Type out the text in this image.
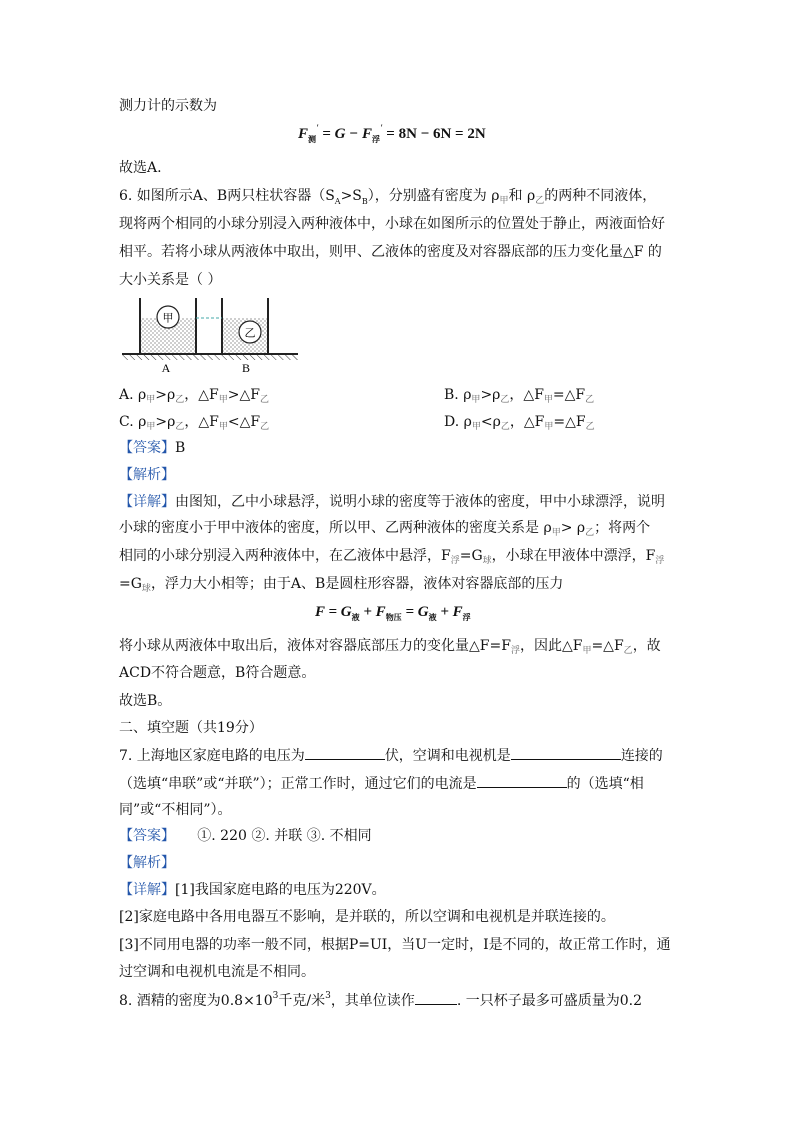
测力计的示数为
$F_测' = G - F_浮' = 8N - 6N = 2N$
故选A.
6. 如图所示A、B两只柱状容器$(S_A>S_B)$，分别盛有密度为 $\rho_甲$和 $\rho_乙$的两种不同液体，
现将两个相同的小球分别浸入两种液体中，小球在如图所示的位置处于静止，两液面恰好
相平。若将小球从两液体中取出，则甲、乙液体的密度及对容器底部的压力变化量△F 的
大小关系是（ ）
甲
乙
A	B
A. $\rho_甲>\rho_乙$，$\triangle F_甲>\triangle F_乙$	B. $\rho_甲>\rho_乙$，$\triangle F_甲=\triangle F_乙$
C. $\rho_甲>\rho_乙$，$\triangle F_甲<\triangle F_乙$	D. $\rho_甲<\rho_乙$，$\triangle F_甲=\triangle F_乙$
【答案】B
【解析】
【详解】由图知，乙中小球悬浮，说明小球的密度等于液体的密度，甲中小球漂浮，说明
小球的密度小于甲中液体的密度，所以甲、乙两种液体的密度关系是 $\rho_甲> \rho_乙$；将两个
相同的小球分别浸入两种液体中，在乙液体中悬浮，$F_浮=G_球$，小球在甲液体中漂浮，$F_浮$
$=G_球$，浮力大小相等；由于A、B是圆柱形容器，液体对容器底部的压力
$F = G_液 + F_{物压} = G_液 + F_浮$
将小球从两液体中取出后，液体对容器底部压力的变化量$\triangle F=F_浮$，因此$\triangle F_甲=\triangle F_乙$，故
ACD不符合题意，B符合题意。
故选B。
二、填空题（共19分）
7. 上海地区家庭电路的电压为	伏，空调和电视机是	连接的
（选填“串联”或“并联”）；正常工作时，通过它们的电流是	的（选填“相
同”或“不相同”）。
【答案】 ①. 220 ②. 并联 ③. 不相同
【解析】
【详解】[1]我国家庭电路的电压为220V。
[2]家庭电路中各用电器互不影响，是并联的，所以空调和电视机是并联连接的。
[3]不同用电器的功率一般不同，根据P=UI，当U一定时，I是不同的，故正常工作时，通
过空调和电视机电流是不相同。
8. 酒精的密度为$0.8\times 10^3$千克/米$^3$，其单位读作	. 一只杯子最多可盛质量为0.2
